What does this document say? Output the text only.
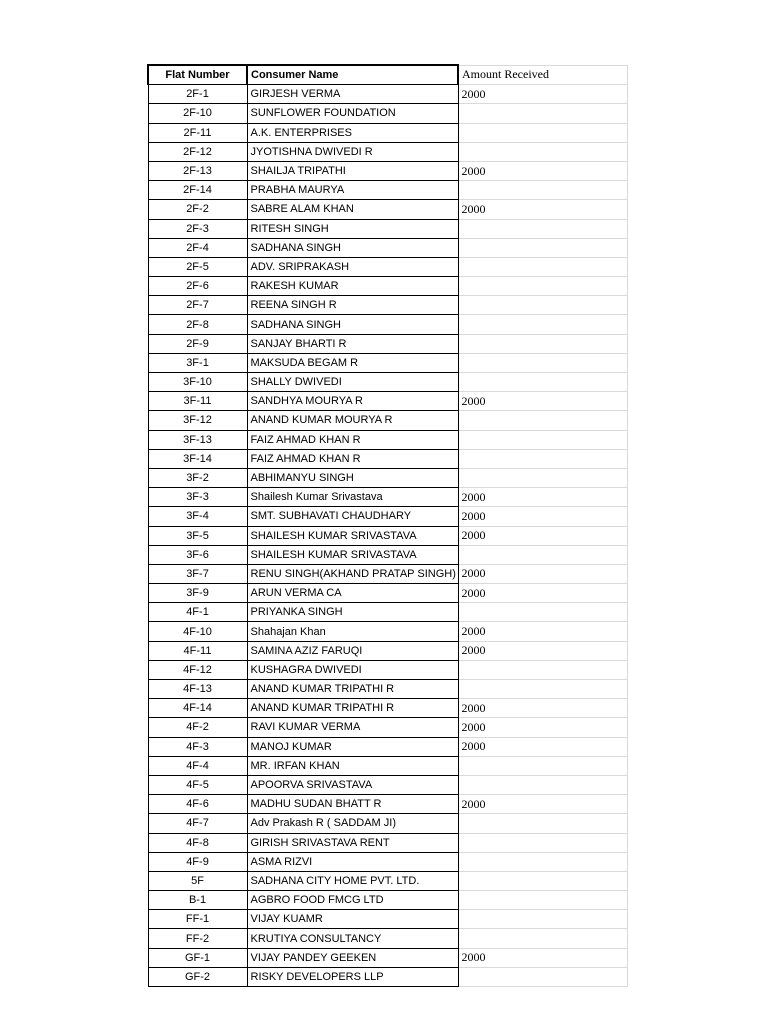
Flat Number	Consumer Name	Amount Received
2F-1	GIRJESH VERMA	2000
2F-10	SUNFLOWER FOUNDATION	
2F-11	A.K. ENTERPRISES	
2F-12	JYOTISHNA DWIVEDI R	
2F-13	SHAILJA TRIPATHI	2000
2F-14	PRABHA MAURYA	
2F-2	SABRE ALAM KHAN	2000
2F-3	RITESH SINGH	
2F-4	SADHANA SINGH	
2F-5	ADV. SRIPRAKASH	
2F-6	RAKESH KUMAR	
2F-7	REENA SINGH R	
2F-8	SADHANA SINGH	
2F-9	SANJAY BHARTI R	
3F-1	MAKSUDA BEGAM R	
3F-10	SHALLY DWIVEDI	
3F-11	SANDHYA MOURYA R	2000
3F-12	ANAND KUMAR MOURYA R	
3F-13	FAIZ AHMAD KHAN R	
3F-14	FAIZ AHMAD KHAN R	
3F-2	ABHIMANYU SINGH	
3F-3	Shailesh Kumar Srivastava	2000
3F-4	SMT. SUBHAVATI CHAUDHARY	2000
3F-5	SHAILESH KUMAR SRIVASTAVA	2000
3F-6	SHAILESH KUMAR SRIVASTAVA	
3F-7	RENU SINGH(AKHAND PRATAP SINGH)	2000
3F-9	ARUN VERMA CA	2000
4F-1	PRIYANKA SINGH	
4F-10	Shahajan Khan	2000
4F-11	SAMINA AZIZ FARUQI	2000
4F-12	KUSHAGRA DWIVEDI	
4F-13	ANAND KUMAR TRIPATHI R	
4F-14	ANAND KUMAR TRIPATHI R	2000
4F-2	RAVI KUMAR VERMA	2000
4F-3	MANOJ KUMAR	2000
4F-4	MR. IRFAN KHAN	
4F-5	APOORVA SRIVASTAVA	
4F-6	MADHU SUDAN BHATT R	2000
4F-7	Adv Prakash R ( SADDAM JI)	
4F-8	GIRISH SRIVASTAVA RENT	
4F-9	ASMA RIZVI	
5F	SADHANA CITY HOME PVT. LTD.	
B-1	AGBRO FOOD FMCG LTD	
FF-1	VIJAY KUAMR	
FF-2	KRUTIYA CONSULTANCY	
GF-1	VIJAY PANDEY GEEKEN	2000
GF-2	RISKY DEVELOPERS LLP	
